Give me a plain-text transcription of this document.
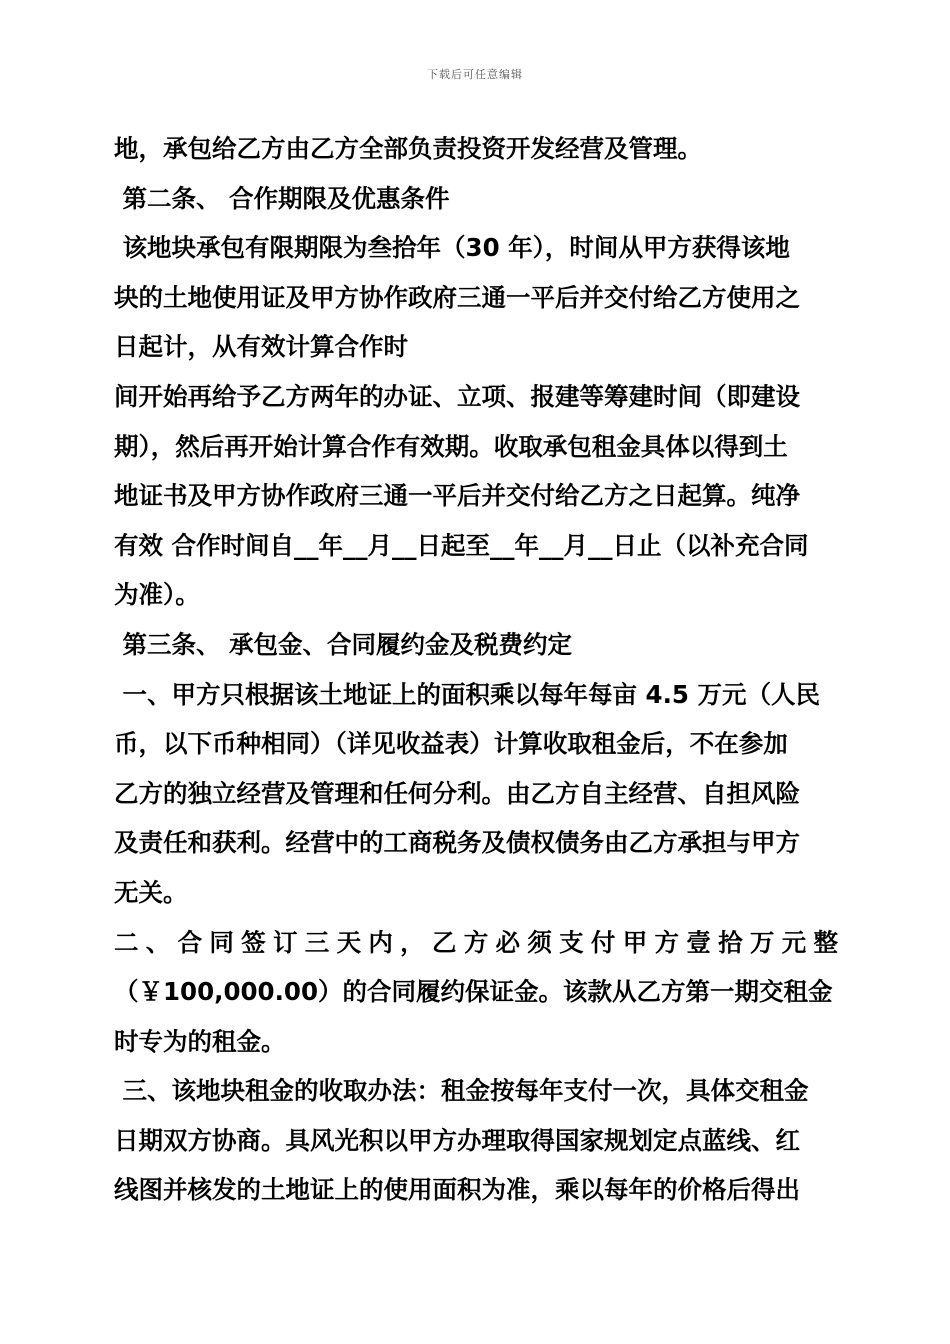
下载后可任意编辑
地，承包给乙方由乙方全部负责投资开发经营及管理。
第二条、 合作期限及优惠条件
该地块承包有限期限为叁拾年（30 年），时间从甲方获得该地
块的土地使用证及甲方协作政府三通一平后并交付给乙方使用之
日起计，从有效计算合作时
间开始再给予乙方两年的办证、立项、报建等筹建时间（即建设
期），然后再开始计算合作有效期。收取承包租金具体以得到土
地证书及甲方协作政府三通一平后并交付给乙方之日起算。纯净
有效 合作时间自__年__月__日起至__年__月__日止（以补充合同
为准）。
第三条、 承包金、合同履约金及税费约定
一、甲方只根据该土地证上的面积乘以每年每亩 4.5 万元（人民
币，以下币种相同）（详见收益表）计算收取租金后，不在参加
乙方的独立经营及管理和任何分利。由乙方自主经营、自担风险
及责任和获利。经营中的工商税务及债权债务由乙方承担与甲方
无关。
二、合同签订三天内，乙方必须支付甲方壹拾万元整
（￥100,000.00）的合同履约保证金。该款从乙方第一期交租金
时专为的租金。
三、该地块租金的收取办法：租金按每年支付一次，具体交租金
日期双方协商。具风光积以甲方办理取得国家规划定点蓝线、红
线图并核发的土地证上的使用面积为准，乘以每年的价格后得出
